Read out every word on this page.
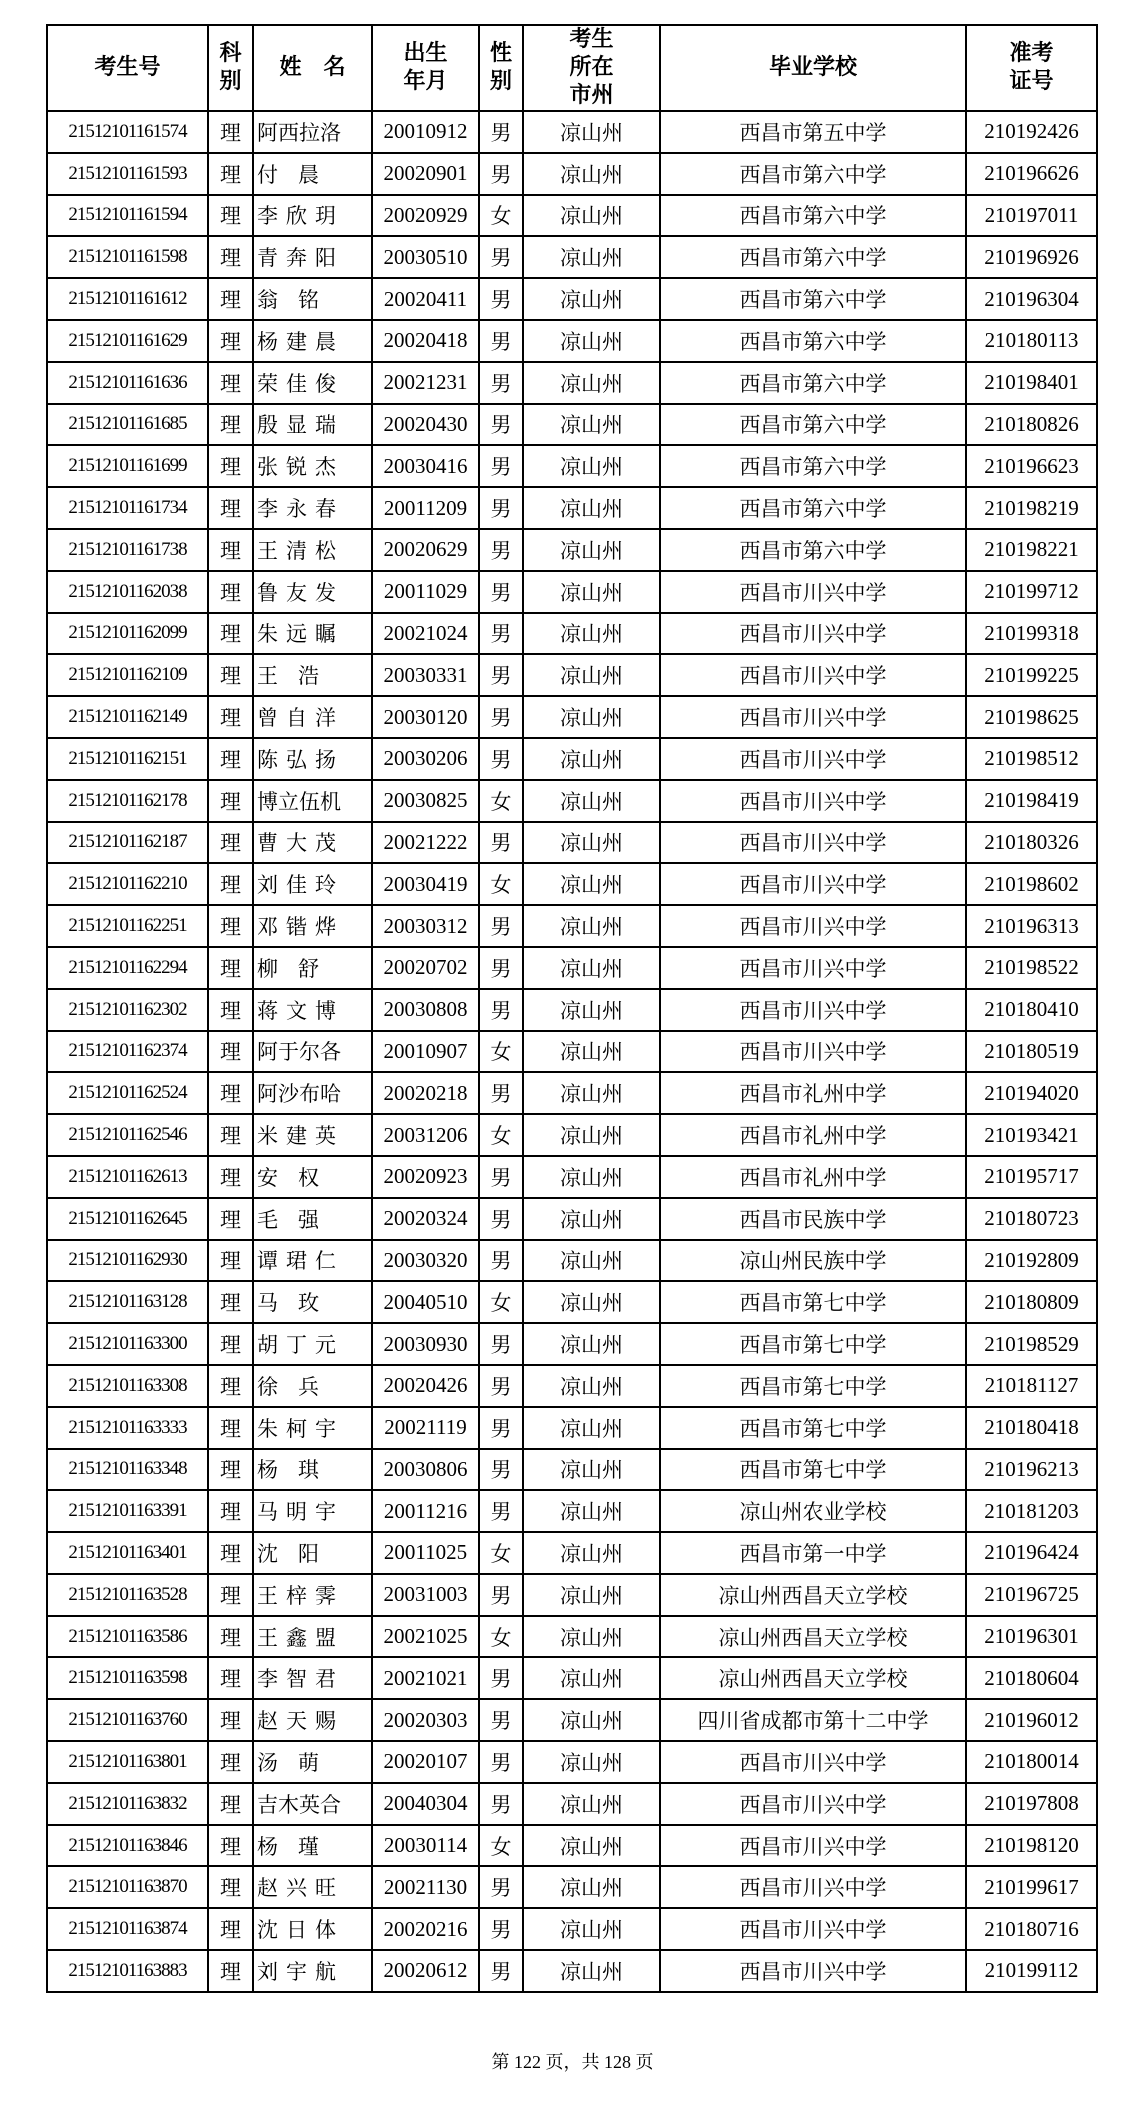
考生号	科别	姓　名	出生年月	性别	考生所在市州	毕业学校	准考证号
21512101161574	理	阿西拉洛	20010912	男	凉山州	西昌市第五中学	210192426
21512101161593	理	付晨	20020901	男	凉山州	西昌市第六中学	210196626
21512101161594	理	李欣玥	20020929	女	凉山州	西昌市第六中学	210197011
21512101161598	理	青奔阳	20030510	男	凉山州	西昌市第六中学	210196926
21512101161612	理	翁铭	20020411	男	凉山州	西昌市第六中学	210196304
21512101161629	理	杨建晨	20020418	男	凉山州	西昌市第六中学	210180113
21512101161636	理	荣佳俊	20021231	男	凉山州	西昌市第六中学	210198401
21512101161685	理	殷显瑞	20020430	男	凉山州	西昌市第六中学	210180826
21512101161699	理	张锐杰	20030416	男	凉山州	西昌市第六中学	210196623
21512101161734	理	李永春	20011209	男	凉山州	西昌市第六中学	210198219
21512101161738	理	王清松	20020629	男	凉山州	西昌市第六中学	210198221
21512101162038	理	鲁友发	20011029	男	凉山州	西昌市川兴中学	210199712
21512101162099	理	朱远瞩	20021024	男	凉山州	西昌市川兴中学	210199318
21512101162109	理	王浩	20030331	男	凉山州	西昌市川兴中学	210199225
21512101162149	理	曾自洋	20030120	男	凉山州	西昌市川兴中学	210198625
21512101162151	理	陈弘扬	20030206	男	凉山州	西昌市川兴中学	210198512
21512101162178	理	博立伍机	20030825	女	凉山州	西昌市川兴中学	210198419
21512101162187	理	曹大茂	20021222	男	凉山州	西昌市川兴中学	210180326
21512101162210	理	刘佳玲	20030419	女	凉山州	西昌市川兴中学	210198602
21512101162251	理	邓锴烨	20030312	男	凉山州	西昌市川兴中学	210196313
21512101162294	理	柳舒	20020702	男	凉山州	西昌市川兴中学	210198522
21512101162302	理	蒋文博	20030808	男	凉山州	西昌市川兴中学	210180410
21512101162374	理	阿于尔各	20010907	女	凉山州	西昌市川兴中学	210180519
21512101162524	理	阿沙布哈	20020218	男	凉山州	西昌市礼州中学	210194020
21512101162546	理	米建英	20031206	女	凉山州	西昌市礼州中学	210193421
21512101162613	理	安权	20020923	男	凉山州	西昌市礼州中学	210195717
21512101162645	理	毛强	20020324	男	凉山州	西昌市民族中学	210180723
21512101162930	理	谭珺仁	20030320	男	凉山州	凉山州民族中学	210192809
21512101163128	理	马玫	20040510	女	凉山州	西昌市第七中学	210180809
21512101163300	理	胡丁元	20030930	男	凉山州	西昌市第七中学	210198529
21512101163308	理	徐兵	20020426	男	凉山州	西昌市第七中学	210181127
21512101163333	理	朱柯宇	20021119	男	凉山州	西昌市第七中学	210180418
21512101163348	理	杨琪	20030806	男	凉山州	西昌市第七中学	210196213
21512101163391	理	马明宇	20011216	男	凉山州	凉山州农业学校	210181203
21512101163401	理	沈阳	20011025	女	凉山州	西昌市第一中学	210196424
21512101163528	理	王梓霁	20031003	男	凉山州	凉山州西昌天立学校	210196725
21512101163586	理	王鑫盟	20021025	女	凉山州	凉山州西昌天立学校	210196301
21512101163598	理	李智君	20021021	男	凉山州	凉山州西昌天立学校	210180604
21512101163760	理	赵天赐	20020303	男	凉山州	四川省成都市第十二中学	210196012
21512101163801	理	汤萌	20020107	男	凉山州	西昌市川兴中学	210180014
21512101163832	理	吉木英合	20040304	男	凉山州	西昌市川兴中学	210197808
21512101163846	理	杨瑾	20030114	女	凉山州	西昌市川兴中学	210198120
21512101163870	理	赵兴旺	20021130	男	凉山州	西昌市川兴中学	210199617
21512101163874	理	沈日体	20020216	男	凉山州	西昌市川兴中学	210180716
21512101163883	理	刘宇航	20020612	男	凉山州	西昌市川兴中学	210199112
第 122 页，共 128 页
